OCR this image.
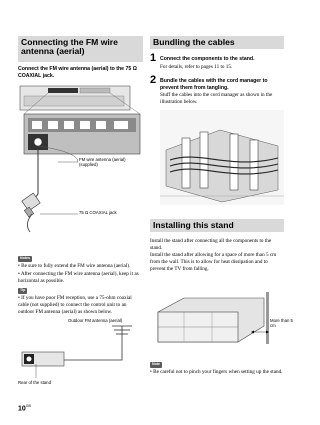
Connecting the FM wire antenna (aerial)
Connect the FM wire antenna (aerial) to the 75 Ω COAXIAL jack.
FM wire antenna (aerial) (supplied)
75 Ω COAXIAL jack
Notes
• Be sure to fully extend the FM wire antenna (aerial).
• After connecting the FM wire antenna (aerial), keep it as horizontal as possible.
Tip
• If you have poor FM reception, use a 75-ohm coaxial cable (not supplied) to connect the control unit to an outdoor FM antenna (aerial) as shown below.
Outdoor FM antenna (aerial)
Rear of the stand
$10^{GB}$
Bundling the cables
1 Connect the components to the stand.
For details, refer to pages 11 to 15.
2 Bundle the cables with the cord manager to prevent them from tangling.
Stuff the cables into the cord manager as shown in the illustration below.
Installing this stand
Install the stand after connecting all the components to the stand.
Install the stand after allowing for a space of more than 5 cm from the wall. This is to allow for heat dissipation and to prevent the TV from falling.
More than 5 cm
Note
• Be careful not to pinch your fingers when setting up the stand.
